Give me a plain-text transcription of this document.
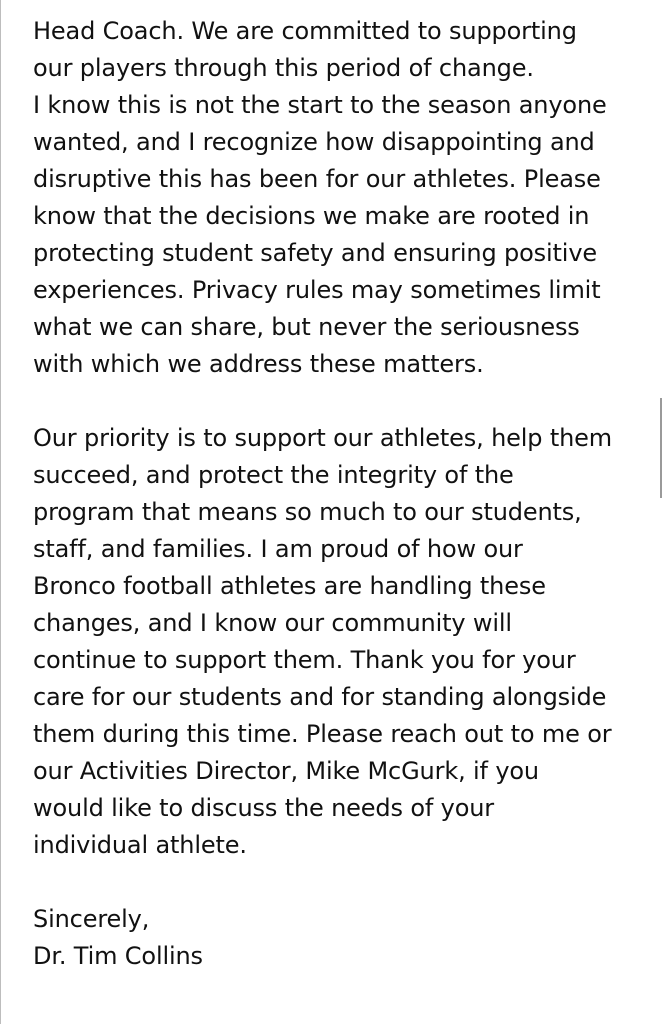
Head Coach. We are committed to supporting
our players through this period of change.
I know this is not the start to the season anyone
wanted, and I recognize how disappointing and
disruptive this has been for our athletes. Please
know that the decisions we make are rooted in
protecting student safety and ensuring positive
experiences. Privacy rules may sometimes limit
what we can share, but never the seriousness
with which we address these matters.
Our priority is to support our athletes, help them
succeed, and protect the integrity of the
program that means so much to our students,
staff, and families. I am proud of how our
Bronco football athletes are handling these
changes, and I know our community will
continue to support them. Thank you for your
care for our students and for standing alongside
them during this time. Please reach out to me or
our Activities Director, Mike McGurk, if you
would like to discuss the needs of your
individual athlete.
Sincerely,
Dr. Tim Collins
